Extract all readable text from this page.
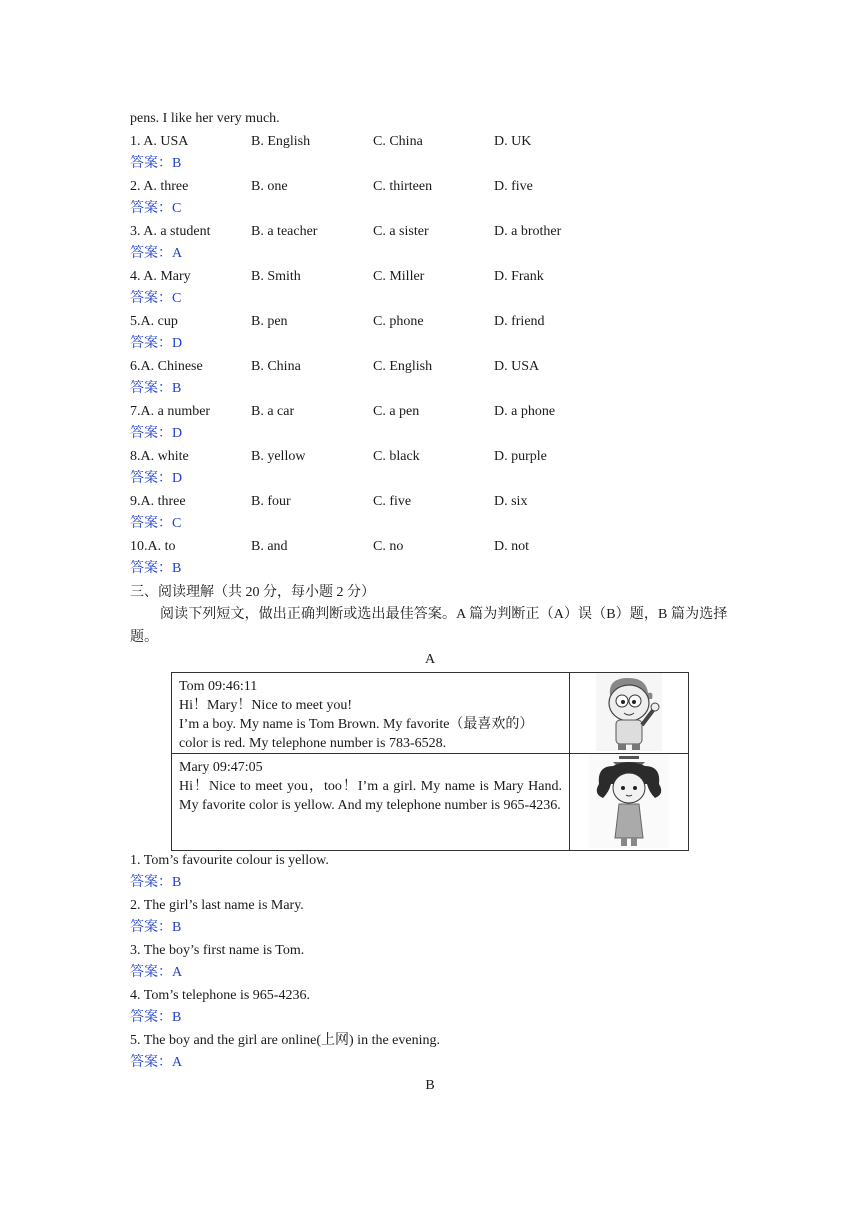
pens. I like her very much.
1. A. USA	B. English	C. China	D. UK
答案：B
2. A. three	B. one	C. thirteen	D. five
答案：C
3. A. a student	B. a teacher	C. a sister	D. a brother
答案：A
4. A. Mary	B. Smith	C. Miller	D. Frank
答案：C
5.A. cup	B. pen	C. phone	D. friend
答案：D
6.A. Chinese	B. China	C. English	D. USA
答案：B
7.A. a number	B. a car	C. a pen	D. a phone
答案：D
8.A. white	B. yellow	C. black	D. purple
答案：D
9.A. three	B. four	C. five	D. six
答案：C
10.A. to	B. and	C. no	D. not
答案：B
三、阅读理解（共 20 分，每小题 2 分）
阅读下列短文，做出正确判断或选出最佳答案。A 篇为判断正（A）误（B）题，B 篇为选择题。
A
Tom 09:46:11
Hi！Mary！Nice to meet you!
I’m a boy. My name is Tom Brown. My favorite（最喜欢的）color is red. My telephone number is 783-6528.

Mary 09:47:05
Hi！Nice to meet you，too！I’m a girl. My name is Mary Hand. My favorite color is yellow. And my telephone number is 965-4236.

1. Tom’s favourite colour is yellow.
答案：B
2. The girl’s last name is Mary.
答案：B
3. The boy’s first name is Tom.
答案：A
4. Tom’s telephone is 965-4236.
答案：B
5. The boy and the girl are online(上网) in the evening.
答案：A
B
